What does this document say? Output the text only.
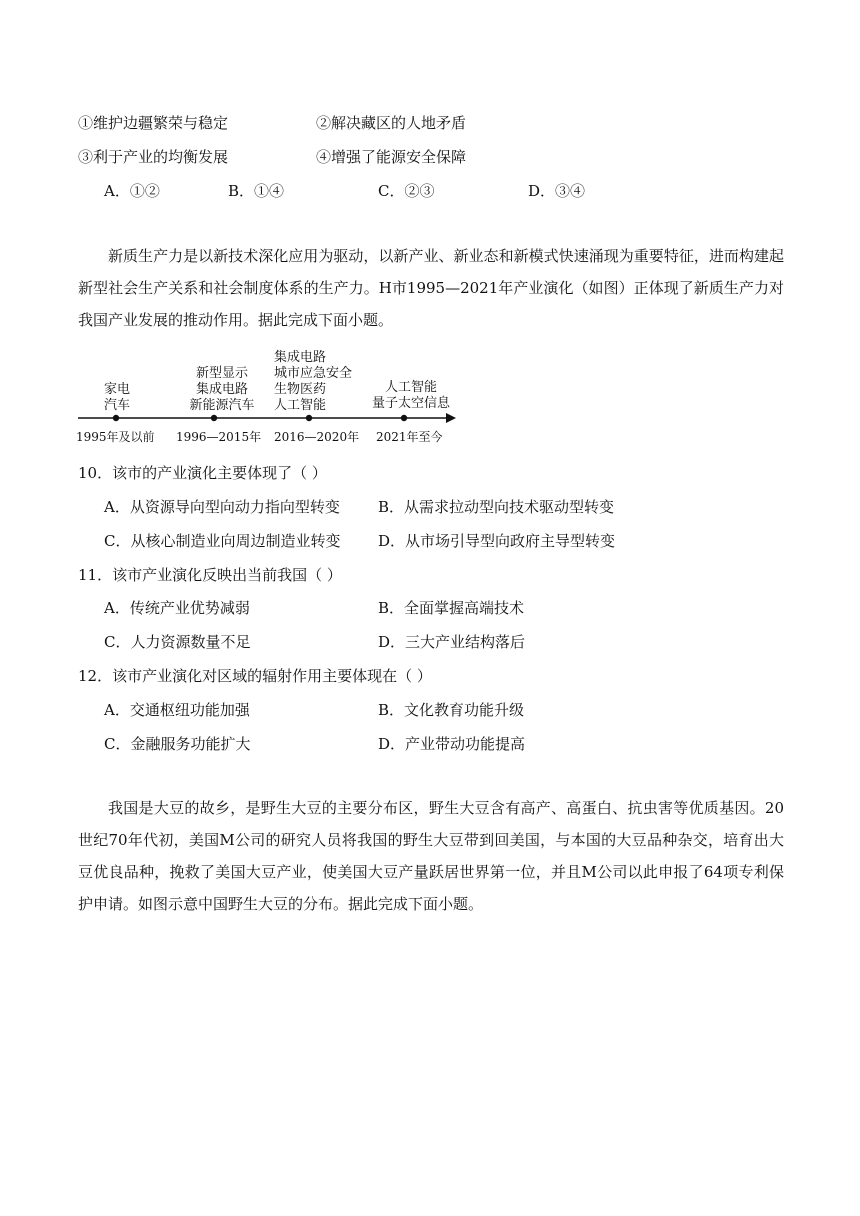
①维护边疆繁荣与稳定	②解决藏区的人地矛盾
③利于产业的均衡发展	④增强了能源安全保障
A．①②	B．①④	C．②③	D．③④

新质生产力是以新技术深化应用为驱动，以新产业、新业态和新模式快速涌现为重要特征，进而构建起新型社会生产关系和社会制度体系的生产力。H市1995—2021年产业演化（如图）正体现了新质生产力对我国产业发展的推动作用。据此完成下面小题。

家电
汽车
新型显示
集成电路
新能源汽车
集成电路
城市应急安全
生物医药
人工智能
人工智能
量子太空信息
1995年及以前 1996—2015年 2016—2020年 2021年至今
10．该市的产业演化主要体现了（ ）
A．从资源导向型向动力指向型转变	B．从需求拉动型向技术驱动型转变
C．从核心制造业向周边制造业转变	D．从市场引导型向政府主导型转变
11．该市产业演化反映出当前我国（ ）
A．传统产业优势减弱	B．全面掌握高端技术
C．人力资源数量不足	D．三大产业结构落后
12．该市产业演化对区域的辐射作用主要体现在（ ）
A．交通枢纽功能加强	B．文化教育功能升级
C．金融服务功能扩大	D．产业带动功能提高

我国是大豆的故乡，是野生大豆的主要分布区，野生大豆含有高产、高蛋白、抗虫害等优质基因。20世纪70年代初，美国M公司的研究人员将我国的野生大豆带到回美国，与本国的大豆品种杂交，培育出大豆优良品种，挽救了美国大豆产业，使美国大豆产量跃居世界第一位，并且M公司以此申报了64项专利保护申请。如图示意中国野生大豆的分布。据此完成下面小题。
